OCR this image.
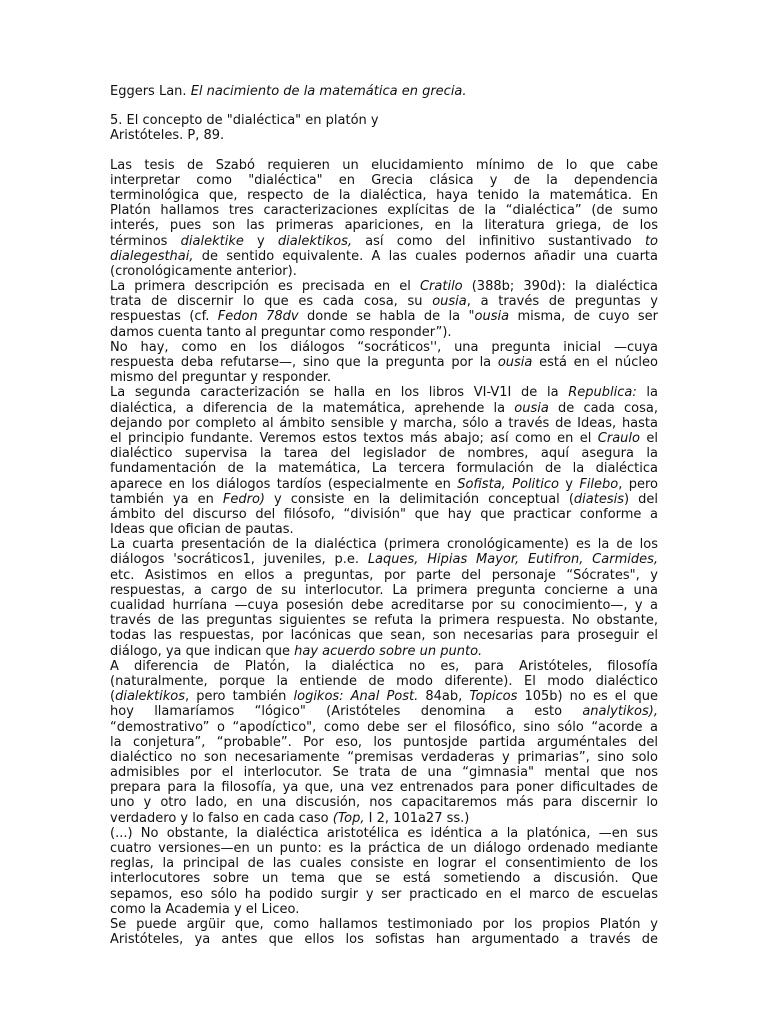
Eggers Lan. El nacimiento de la matemática en grecia.
5. El concepto de "dialéctica" en platón y
Aristóteles. P, 89.
Las tesis de Szabó requieren un elucidamiento mínimo de lo que cabe
interpretar como "dialéctica" en Grecia clásica y de la dependencia
terminológica que, respecto de la dialéctica, haya tenido la matemática. En
Platón hallamos tres caracterizaciones explícitas de la “dialéctica” (de sumo
interés, pues son las primeras apariciones, en la literatura griega, de los
términos dialektike y dialektikos, así como del infinitivo sustantivado to
dialegesthai, de sentido equivalente. A las cuales podernos añadir una cuarta
(cronológicamente anterior).
La primera descripción es precisada en el Cratilo (388b; 390d): la dialéctica
trata de discernir lo que es cada cosa, su ousia, a través de preguntas y
respuestas (cf. Fedon 78dv donde se habla de la "ousia misma, de cuyo ser
damos cuenta tanto al preguntar como responder”).
No hay, como en los diálogos “socráticos'', una pregunta inicial —cuya
respuesta deba refutarse—, sino que la pregunta por la ousia está en el núcleo
mismo del preguntar y responder.
La segunda caracterización se halla en los libros VI-V1I de la Republica: la
dialéctica, a diferencia de la matemática, aprehende la ousia de cada cosa,
dejando por completo al ámbito sensible y marcha, sólo a través de Ideas, hasta
el principio fundante. Veremos estos textos más abajo; así como en el Craulo el
dialéctico supervisa la tarea del legislador de nombres, aquí asegura la
fundamentación de la matemática, La tercera formulación de la dialéctica
aparece en los diálogos tardíos (especialmente en Sofista, Politico y Filebo, pero
también ya en Fedro) y consiste en la delimitación conceptual (diatesis) del
ámbito del discurso del filósofo, “división" que hay que practicar conforme a
Ideas que ofician de pautas.
La cuarta presentación de la dialéctica (primera cronológicamente) es la de los
diálogos 'socráticos1, juveniles, p.e. Laques, Hipias Mayor, Eutifron, Carmides,
etc. Asistimos en ellos a preguntas, por parte del personaje “Sócrates", y
respuestas, a cargo de su interlocutor. La primera pregunta concierne a una
cualidad hurríana —cuya posesión debe acreditarse por su conocimiento—, y a
través de las preguntas siguientes se refuta la primera respuesta. No obstante,
todas las respuestas, por lacónicas que sean, son necesarias para proseguir el
diálogo, ya que indican que hay acuerdo sobre un punto.
A diferencia de Platón, la dialéctica no es, para Aristóteles, filosofía
(naturalmente, porque la entiende de modo diferente). El modo dialéctico
(dialektikos, pero también logikos: Anal Post. 84ab, Topicos 105b) no es el que
hoy llamaríamos “lógico" (Aristóteles denomina a esto analytikos),
“demostrativo” o “apodíctico", como debe ser el filosófico, sino sólo “acorde a
la conjetura”, “probable”. Por eso, los puntosjde partida arguméntales del
dialéctico no son necesariamente “premisas verdaderas y primarias”, sino solo
admisibles por el interlocutor. Se trata de una “gimnasia" mental que nos
prepara para la filosofía, ya que, una vez entrenados para poner dificultades de
uno y otro lado, en una discusión, nos capacitaremos más para discernir lo
verdadero y lo falso en cada caso (Top, I 2, 101a27 ss.)
(...) No obstante, la dialéctica aristotélica es idéntica a la platónica, —en sus
cuatro versiones—en un punto: es la práctica de un diálogo ordenado mediante
reglas, la principal de las cuales consiste en lograr el consentimiento de los
interlocutores sobre un tema que se está sometiendo a discusión. Que
sepamos, eso sólo ha podido surgir y ser practicado en el marco de escuelas
como la Academia y el Liceo.
Se puede argüir que, como hallamos testimoniado por los propios Platón y
Aristóteles, ya antes que ellos los sofistas han argumentado a través de
